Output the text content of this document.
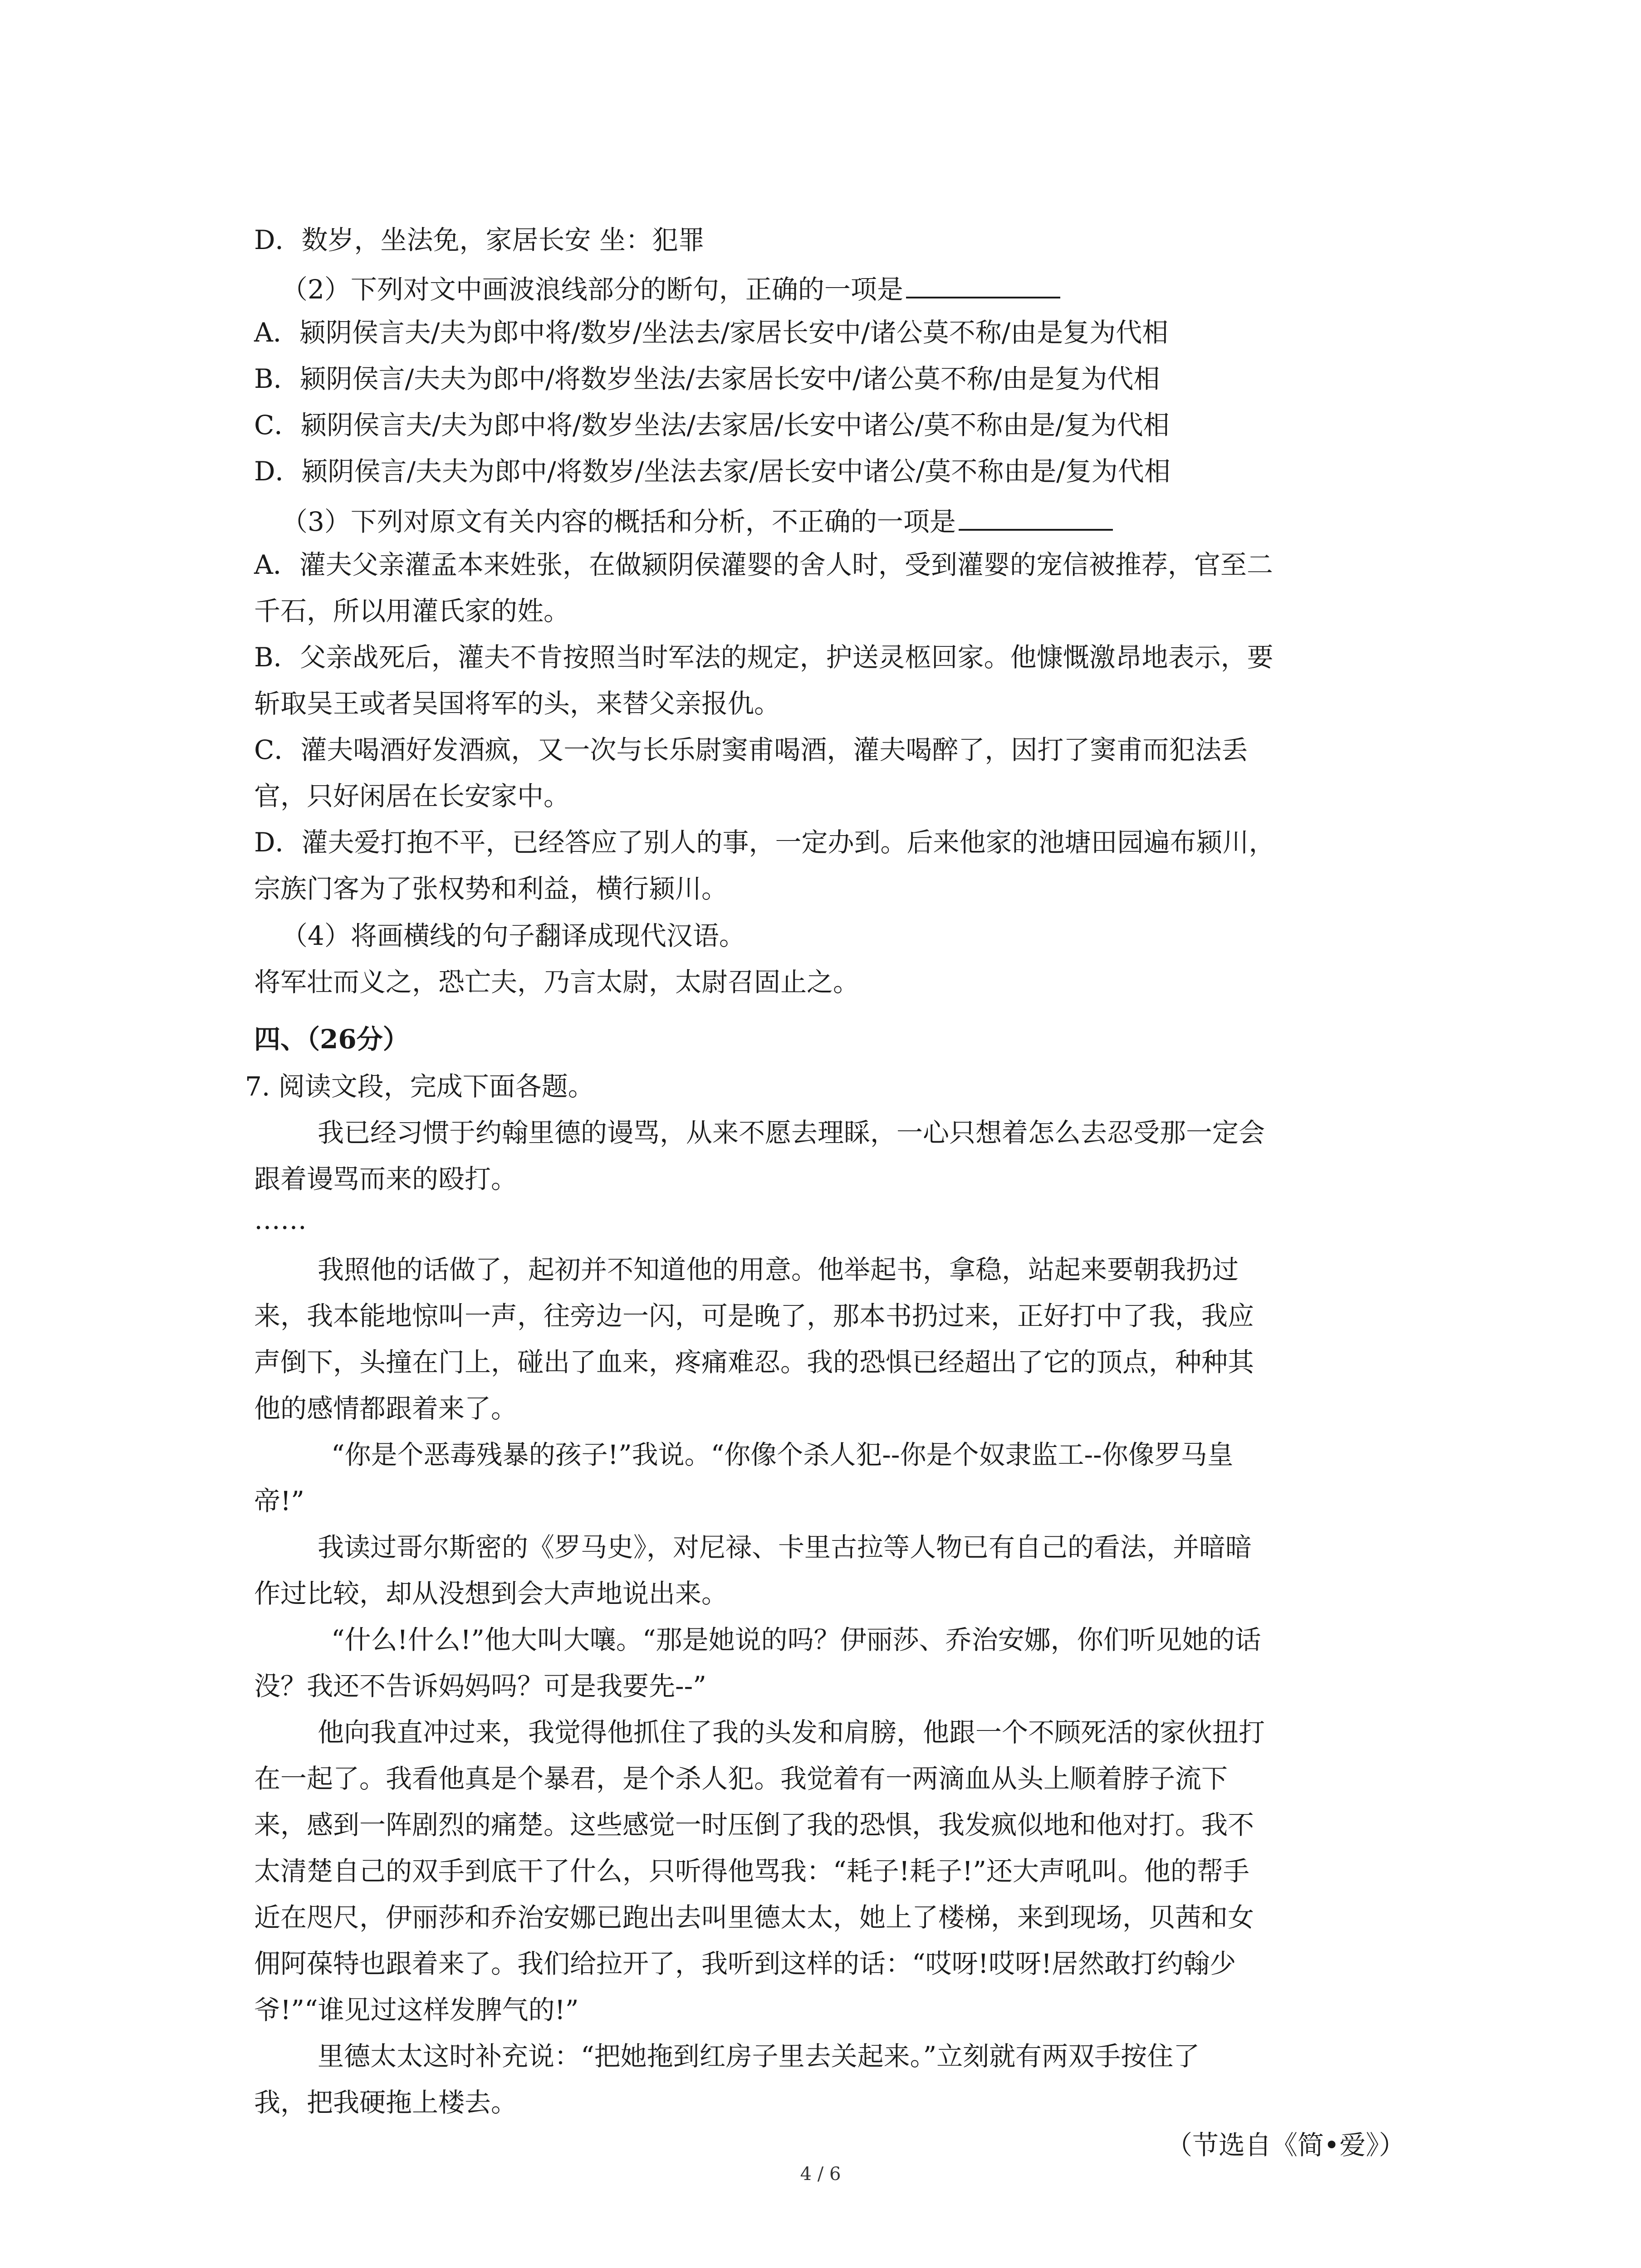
D．数岁，坐法免，家居长安 坐：犯罪
（2）下列对文中画波浪线部分的断句，正确的一项是
A．颍阴侯言夫/夫为郎中将/数岁/坐法去/家居长安中/诸公莫不称/由是复为代相
B．颍阴侯言/夫夫为郎中/将数岁坐法/去家居长安中/诸公莫不称/由是复为代相
C．颍阴侯言夫/夫为郎中将/数岁坐法/去家居/长安中诸公/莫不称由是/复为代相
D．颍阴侯言/夫夫为郎中/将数岁/坐法去家/居长安中诸公/莫不称由是/复为代相
（3）下列对原文有关内容的概括和分析，不正确的一项是
A．灌夫父亲灌孟本来姓张，在做颍阴侯灌婴的舍人时，受到灌婴的宠信被推荐，官至二
千石，所以用灌氏家的姓。
B．父亲战死后，灌夫不肯按照当时军法的规定，护送灵柩回家。他慷慨激昂地表示，要
斩取吴王或者吴国将军的头，来替父亲报仇。
C．灌夫喝酒好发酒疯，又一次与长乐尉窦甫喝酒，灌夫喝醉了，因打了窦甫而犯法丢
官，只好闲居在长安家中。
D．灌夫爱打抱不平，已经答应了别人的事，一定办到。后来他家的池塘田园遍布颍川，
宗族门客为了张权势和利益，横行颍川。
（4）将画横线的句子翻译成现代汉语。
将军壮而义之，恐亡夫，乃言太尉，太尉召固止之。
四、（26分）
7. 阅读文段，完成下面各题。
我已经习惯于约翰里德的谩骂，从来不愿去理睬，一心只想着怎么去忍受那一定会
跟着谩骂而来的殴打。
……
我照他的话做了，起初并不知道他的用意。他举起书，拿稳，站起来要朝我扔过
来，我本能地惊叫一声，往旁边一闪，可是晚了，那本书扔过来，正好打中了我，我应
声倒下，头撞在门上，碰出了血来，疼痛难忍。我的恐惧已经超出了它的顶点，种种其
他的感情都跟着来了。
“你是个恶毒残暴的孩子!”我说。“你像个杀人犯--你是个奴隶监工--你像罗马皇
帝!”
我读过哥尔斯密的《罗马史》，对尼禄、卡里古拉等人物已有自己的看法，并暗暗
作过比较，却从没想到会大声地说出来。
“什么!什么!”他大叫大嚷。“那是她说的吗？伊丽莎、乔治安娜，你们听见她的话
没？我还不告诉妈妈吗？可是我要先--”
他向我直冲过来，我觉得他抓住了我的头发和肩膀，他跟一个不顾死活的家伙扭打
在一起了。我看他真是个暴君，是个杀人犯。我觉着有一两滴血从头上顺着脖子流下
来，感到一阵剧烈的痛楚。这些感觉一时压倒了我的恐惧，我发疯似地和他对打。我不
太清楚自己的双手到底干了什么，只听得他骂我：“耗子!耗子!”还大声吼叫。他的帮手
近在咫尺，伊丽莎和乔治安娜已跑出去叫里德太太，她上了楼梯，来到现场，贝茜和女
佣阿葆特也跟着来了。我们给拉开了，我听到这样的话：“哎呀!哎呀!居然敢打约翰少
爷!”“谁见过这样发脾气的!”
里德太太这时补充说：“把她拖到红房子里去关起来。”立刻就有两双手按住了
我，把我硬拖上楼去。
（节选自《简•爱》）
4 / 6
